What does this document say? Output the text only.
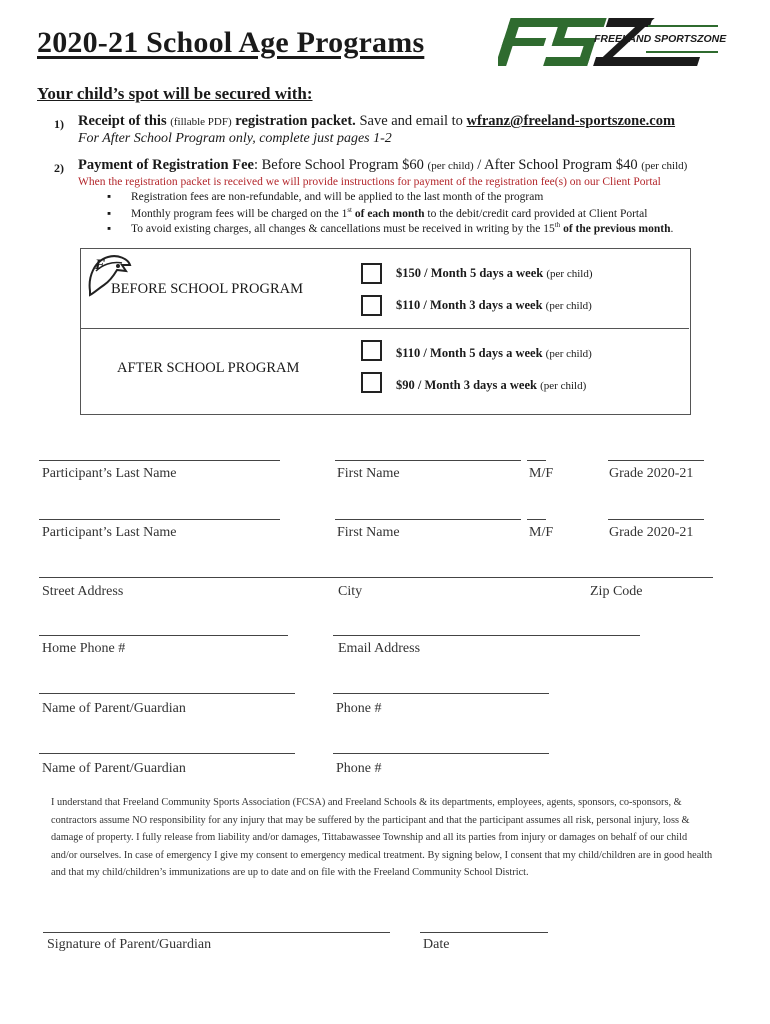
2020-21 School Age Programs	FREELAND SPORTSZONE
Your child’s spot will be secured with:
1) Receipt of this (fillable PDF) registration packet. Save and email to wfranz@freeland-sportszone.com
For After School Program only, complete just pages 1-2
2) Payment of Registration Fee: Before School Program $60 (per child) / After School Program $40 (per child)
When the registration packet is received we will provide instructions for payment of the registration fee(s) on our Client Portal
▪ Registration fees are non-refundable, and will be applied to the last month of the program
▪ Monthly program fees will be charged on the 1st of each month to the debit/credit card provided at Client Portal
▪ To avoid existing charges, all changes & cancellations must be received in writing by the 15th of the previous month.
F
BEFORE SCHOOL PROGRAM
$150 / Month 5 days a week (per child)
$110 / Month 3 days a week (per child)
AFTER SCHOOL PROGRAM
$110 / Month 5 days a week (per child)
$90 / Month 3 days a week (per child)
Participant’s Last Name	First Name	M/F	Grade 2020-21
Participant’s Last Name	First Name	M/F	Grade 2020-21
Street Address	City	Zip Code
Home Phone #	Email Address
Name of Parent/Guardian	Phone #
Name of Parent/Guardian	Phone #
I understand that Freeland Community Sports Association (FCSA) and Freeland Schools & its departments, employees, agents, sponsors, co-sponsors, & contractors assume NO responsibility for any injury that may be suffered by the participant and that the participant assumes all risk, personal injury, loss & damage of property. I fully release from liability and/or damages, Tittabawassee Township and all its parties from injury or damages on behalf of our child and/or ourselves. In case of emergency I give my consent to emergency medical treatment. By signing below, I consent that my child/children are in good health and that my child/children’s immunizations are up to date and on file with the Freeland Community School District.
Signature of Parent/Guardian	Date
